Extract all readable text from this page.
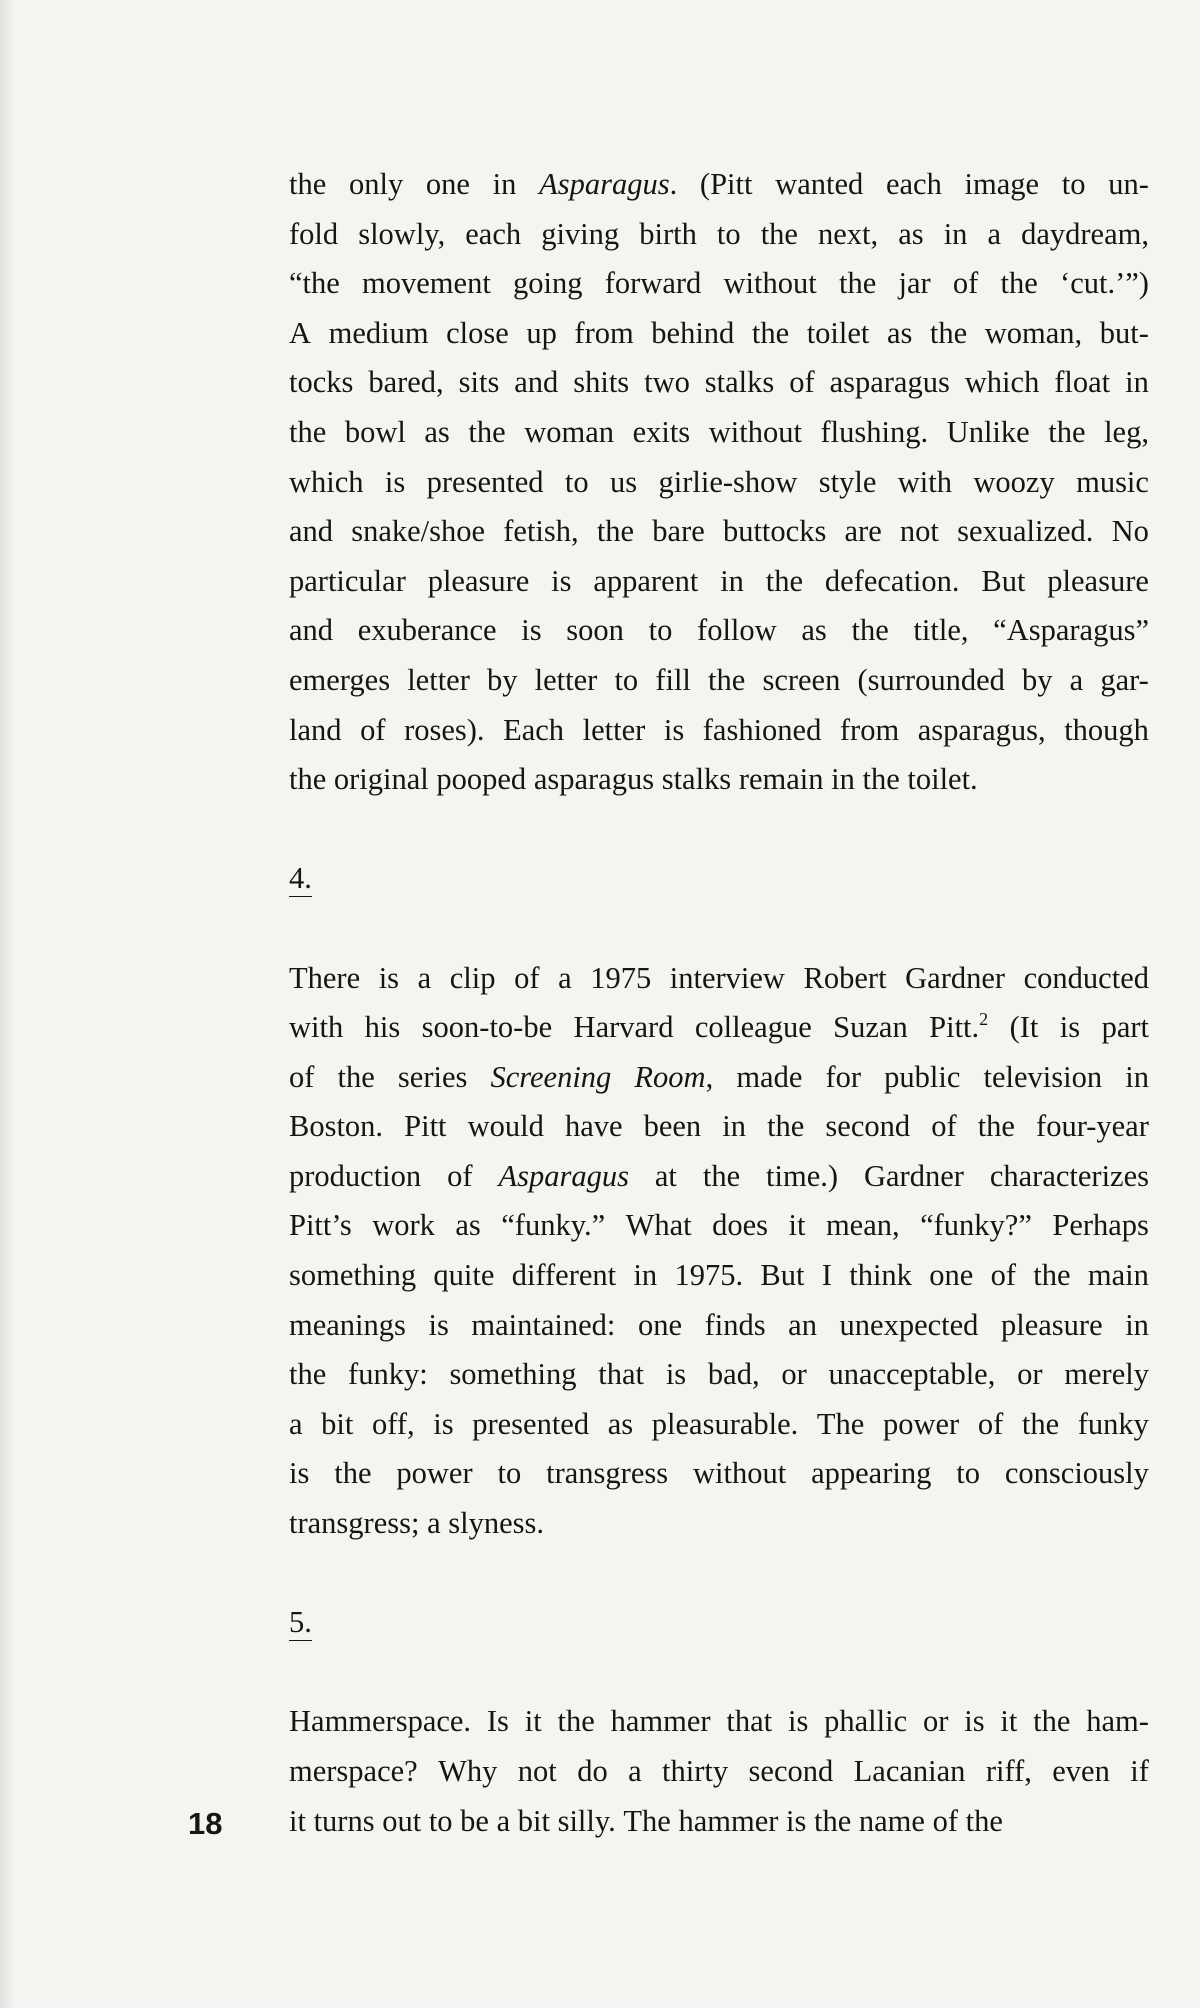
the only one in Asparagus. (Pitt wanted each image to un-
fold slowly, each giving birth to the next, as in a daydream,
“the movement going forward without the jar of the ‘cut.’”)
A medium close up from behind the toilet as the woman, but-
tocks bared, sits and shits two stalks of asparagus which float in
the bowl as the woman exits without flushing. Unlike the leg,
which is presented to us girlie-show style with woozy music
and snake/shoe fetish, the bare buttocks are not sexualized. No
particular pleasure is apparent in the defecation. But pleasure
and exuberance is soon to follow as the title, “Asparagus”
emerges letter by letter to fill the screen (surrounded by a gar-
land of roses). Each letter is fashioned from asparagus, though
the original pooped asparagus stalks remain in the toilet.
4.
There is a clip of a 1975 interview Robert Gardner conducted
with his soon-to-be Harvard colleague Suzan Pitt.$^2$ (It is part
of the series Screening Room, made for public television in
Boston. Pitt would have been in the second of the four-year
production of Asparagus at the time.) Gardner characterizes
Pitt’s work as “funky.” What does it mean, “funky?” Perhaps
something quite different in 1975. But I think one of the main
meanings is maintained: one finds an unexpected pleasure in
the funky: something that is bad, or unacceptable, or merely
a bit off, is presented as pleasurable. The power of the funky
is the power to transgress without appearing to consciously
transgress; a slyness.
5.
Hammerspace. Is it the hammer that is phallic or is it the ham-
merspace? Why not do a thirty second Lacanian riff, even if
it turns out to be a bit silly. The hammer is the name of the
18
